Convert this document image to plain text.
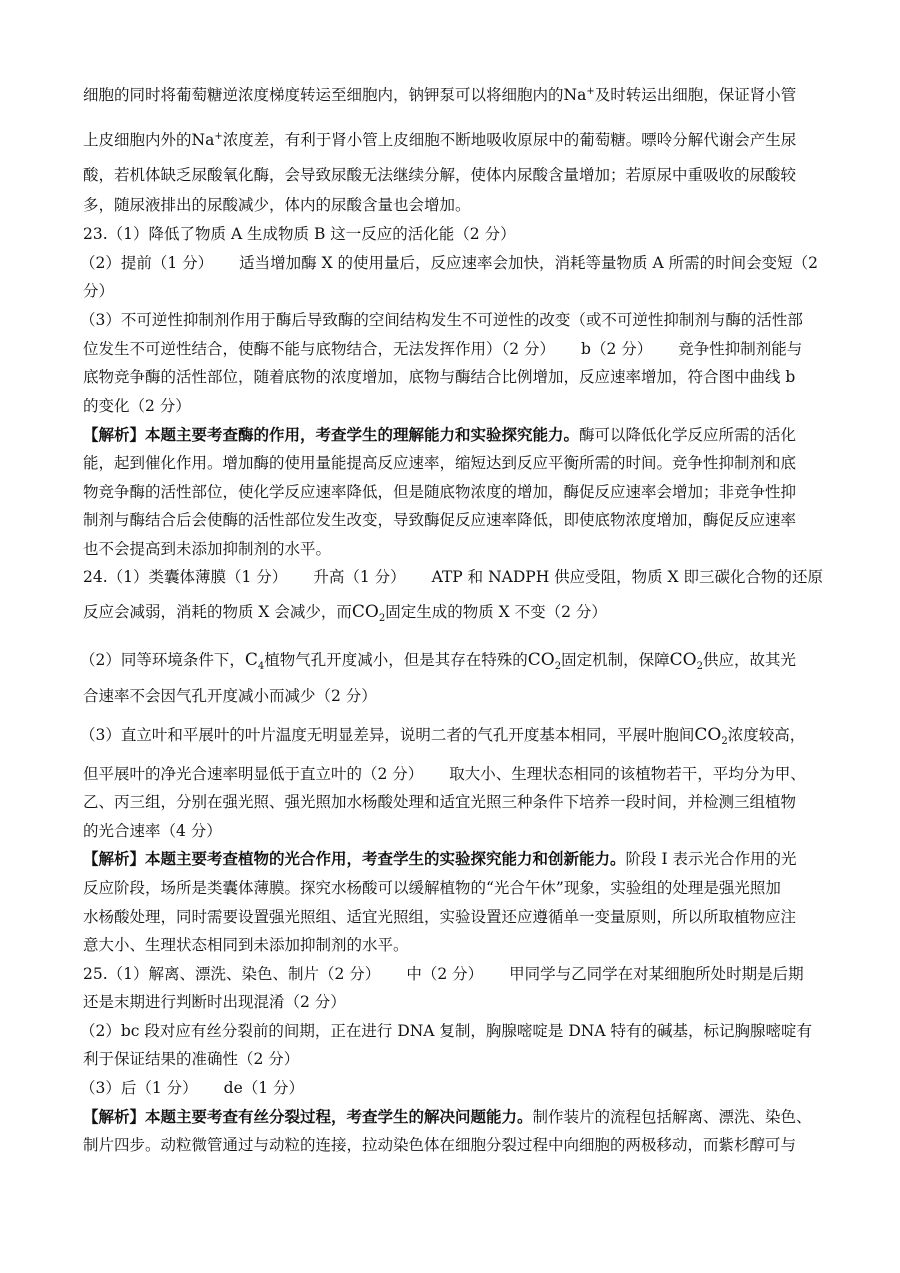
细胞的同时将葡萄糖逆浓度梯度转运至细胞内，钠钾泵可以将细胞内的Na+及时转运出细胞，保证肾小管
上皮细胞内外的Na+浓度差，有利于肾小管上皮细胞不断地吸收原尿中的葡萄糖。嘌呤分解代谢会产生尿
酸，若机体缺乏尿酸氧化酶，会导致尿酸无法继续分解，使体内尿酸含量增加；若原尿中重吸收的尿酸较
多，随尿液排出的尿酸减少，体内的尿酸含量也会增加。
23.（1）降低了物质 A 生成物质 B 这一反应的活化能（2 分）
（2）提前（1 分） 适当增加酶 X 的使用量后，反应速率会加快，消耗等量物质 A 所需的时间会变短（2
分）
（3）不可逆性抑制剂作用于酶后导致酶的空间结构发生不可逆性的改变（或不可逆性抑制剂与酶的活性部
位发生不可逆性结合，使酶不能与底物结合，无法发挥作用）（2 分） b（2 分） 竞争性抑制剂能与
底物竞争酶的活性部位，随着底物的浓度增加，底物与酶结合比例增加，反应速率增加，符合图中曲线 b
的变化（2 分）
【解析】本题主要考查酶的作用，考查学生的理解能力和实验探究能力。酶可以降低化学反应所需的活化
能，起到催化作用。增加酶的使用量能提高反应速率，缩短达到反应平衡所需的时间。竞争性抑制剂和底
物竞争酶的活性部位，使化学反应速率降低，但是随底物浓度的增加，酶促反应速率会增加；非竞争性抑
制剂与酶结合后会使酶的活性部位发生改变，导致酶促反应速率降低，即使底物浓度增加，酶促反应速率
也不会提高到未添加抑制剂的水平。
24.（1）类囊体薄膜（1 分） 升高（1 分） ATP 和 NADPH 供应受阻，物质 X 即三碳化合物的还原
反应会减弱，消耗的物质 X 会减少，而$CO_2$固定生成的物质 X 不变（2 分）
（2）同等环境条件下，$C_4$植物气孔开度减小，但是其存在特殊的$CO_2$固定机制，保障$CO_2$供应，故其光
合速率不会因气孔开度减小而减少（2 分）
（3）直立叶和平展叶的叶片温度无明显差异，说明二者的气孔开度基本相同，平展叶胞间$CO_2$浓度较高，
但平展叶的净光合速率明显低于直立叶的（2 分） 取大小、生理状态相同的该植物若干，平均分为甲、
乙、丙三组，分别在强光照、强光照加水杨酸处理和适宜光照三种条件下培养一段时间，并检测三组植物
的光合速率（4 分）
【解析】本题主要考查植物的光合作用，考查学生的实验探究能力和创新能力。阶段 Ⅰ 表示光合作用的光
反应阶段，场所是类囊体薄膜。探究水杨酸可以缓解植物的“光合午休”现象，实验组的处理是强光照加
水杨酸处理，同时需要设置强光照组、适宜光照组，实验设置还应遵循单一变量原则，所以所取植物应注
意大小、生理状态相同到未添加抑制剂的水平。
25.（1）解离、漂洗、染色、制片（2 分） 中（2 分） 甲同学与乙同学在对某细胞所处时期是后期
还是末期进行判断时出现混淆（2 分）
（2）bc 段对应有丝分裂前的间期，正在进行 DNA 复制，胸腺嘧啶是 DNA 特有的碱基，标记胸腺嘧啶有
利于保证结果的准确性（2 分）
（3）后（1 分） de（1 分）
【解析】本题主要考查有丝分裂过程，考查学生的解决问题能力。制作装片的流程包括解离、漂洗、染色、
制片四步。动粒微管通过与动粒的连接，拉动染色体在细胞分裂过程中向细胞的两极移动，而紫杉醇可与
